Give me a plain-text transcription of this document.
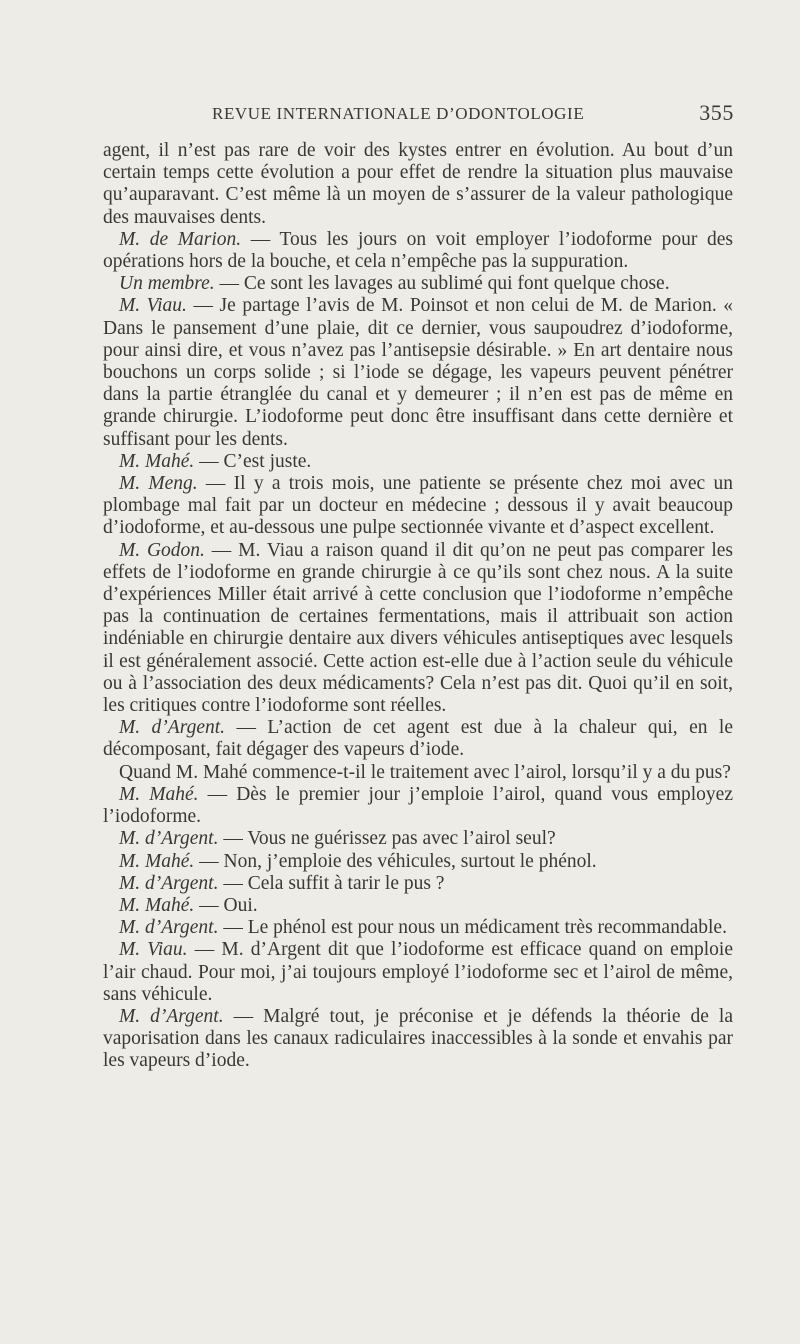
REVUE INTERNATIONALE D’ODONTOLOGIE	355

agent, il n’est pas rare de voir des kystes entrer en évolution. Au bout d’un certain temps cette évolution a pour effet de rendre la situation plus mauvaise qu’auparavant. C’est même là un moyen de s’assurer de la valeur pathologique des mauvaises dents.

M. de Marion. — Tous les jours on voit employer l’iodoforme pour des opérations hors de la bouche, et cela n’empêche pas la suppuration.

Un membre. — Ce sont les lavages au sublimé qui font quelque chose.

M. Viau. — Je partage l’avis de M. Poinsot et non celui de M. de Marion. « Dans le pansement d’une plaie, dit ce dernier, vous saupoudrez d’iodoforme, pour ainsi dire, et vous n’avez pas l’antisepsie désirable. » En art dentaire nous bouchons un corps solide ; si l’iode se dégage, les vapeurs peuvent pénétrer dans la partie étranglée du canal et y demeurer ; il n’en est pas de même en grande chirurgie. L’iodoforme peut donc être insuffisant dans cette dernière et suffisant pour les dents.

M. Mahé. — C’est juste.

M. Meng. — Il y a trois mois, une patiente se présente chez moi avec un plombage mal fait par un docteur en médecine ; dessous il y avait beaucoup d’iodoforme, et au-dessous une pulpe sectionnée vivante et d’aspect excellent.

M. Godon. — M. Viau a raison quand il dit qu’on ne peut pas comparer les effets de l’iodoforme en grande chirurgie à ce qu’ils sont chez nous. A la suite d’expériences Miller était arrivé à cette conclusion que l’iodoforme n’empêche pas la continuation de certaines fermentations, mais il attribuait son action indéniable en chirurgie dentaire aux divers véhicules antiseptiques avec lesquels il est généralement associé. Cette action est-elle due à l’action seule du véhicule ou à l’association des deux médicaments? Cela n’est pas dit. Quoi qu’il en soit, les critiques contre l’iodoforme sont réelles.

M. d’Argent. — L’action de cet agent est due à la chaleur qui, en le décomposant, fait dégager des vapeurs d’iode.

Quand M. Mahé commence-t-il le traitement avec l’airol, lorsqu’il y a du pus?

M. Mahé. — Dès le premier jour j’emploie l’airol, quand vous employez l’iodoforme.

M. d’Argent. — Vous ne guérissez pas avec l’airol seul?

M. Mahé. — Non, j’emploie des véhicules, surtout le phénol.

M. d’Argent. — Cela suffit à tarir le pus ?

M. Mahé. — Oui.

M. d’Argent. — Le phénol est pour nous un médicament très recommandable.

M. Viau. — M. d’Argent dit que l’iodoforme est efficace quand on emploie l’air chaud. Pour moi, j’ai toujours employé l’iodoforme sec et l’airol de même, sans véhicule.

M. d’Argent. — Malgré tout, je préconise et je défends la théorie de la vaporisation dans les canaux radiculaires inaccessibles à la sonde et envahis par les vapeurs d’iode.
